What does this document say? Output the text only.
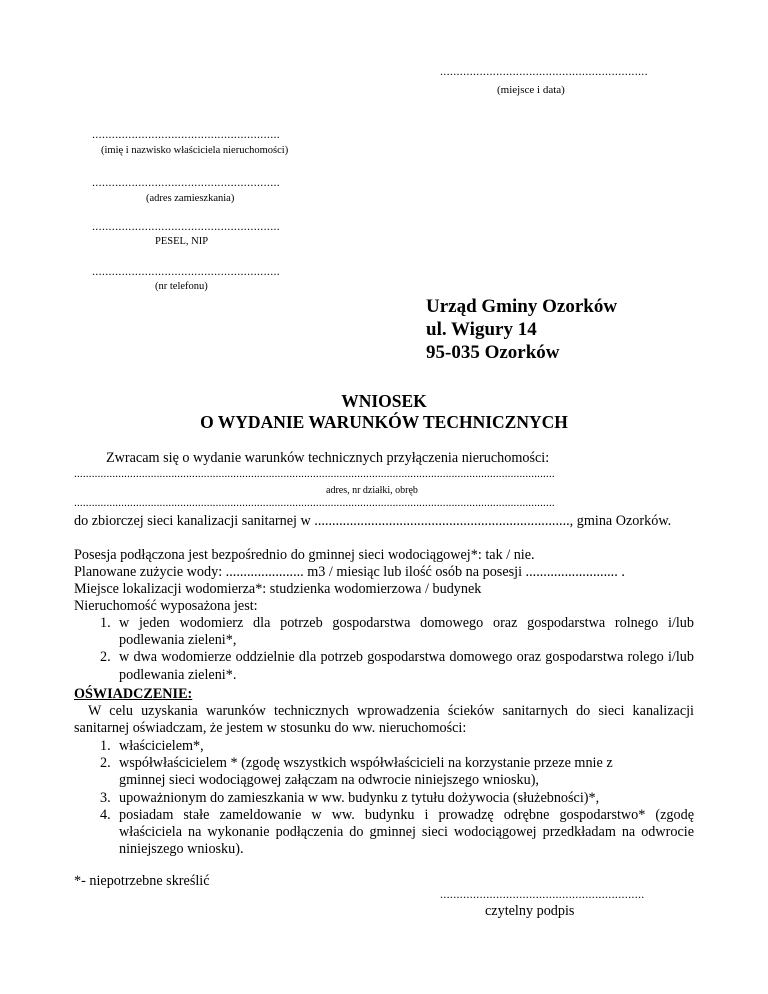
...............................................................
(miejsce i data)
.........................................................
(imię i nazwisko właściciela nieruchomości)
.........................................................
(adres zamieszkania)
.........................................................
PESEL, NIP
.........................................................
(nr telefonu)
Urząd Gminy Ozorków
ul. Wigury 14
95-035 Ozorków
WNIOSEK
O WYDANIE WARUNKÓW TECHNICZNYCH
Zwracam się o wydanie warunków technicznych przyłączenia nieruchomości:
...................................................................................................................................................................
adres, nr działki, obręb
...................................................................................................................................................................
do zbiorczej sieci kanalizacji sanitarnej w ........................................................................, gmina Ozorków.
Posesja podłączona jest bezpośrednio do gminnej sieci wodociągowej*: tak / nie.
Planowane zużycie wody: ...................... m3 / miesiąc lub ilość osób na posesji .......................... .
Miejsce lokalizacji wodomierza*: studzienka wodomierzowa / budynek
Nieruchomość wyposażona jest:
1. w jeden wodomierz dla potrzeb gospodarstwa domowego oraz gospodarstwa rolnego i/lub podlewania zieleni*,
2. w dwa wodomierze oddzielnie dla potrzeb gospodarstwa domowego oraz gospodarstwa rolego i/lub podlewania zieleni*.
OŚWIADCZENIE:
W celu uzyskania warunków technicznych wprowadzenia ścieków sanitarnych do sieci kanalizacji sanitarnej oświadczam, że jestem w stosunku do ww. nieruchomości:
1. właścicielem*,
2. współwłaścicielem * (zgodę wszystkich współwłaścicieli na korzystanie przeze mnie z gminnej sieci wodociągowej załączam na odwrocie niniejszego wniosku),
3. upoważnionym do zamieszkania w ww. budynku z tytułu dożywocia (służebności)*,
4. posiadam stałe zameldowanie w ww. budynku i prowadzę odrębne gospodarstwo* (zgodę właściciela na wykonanie podłączenia do gminnej sieci wodociągowej przedkładam na odwrocie niniejszego wniosku).
*- niepotrzebne skreślić
..............................................................
czytelny podpis
